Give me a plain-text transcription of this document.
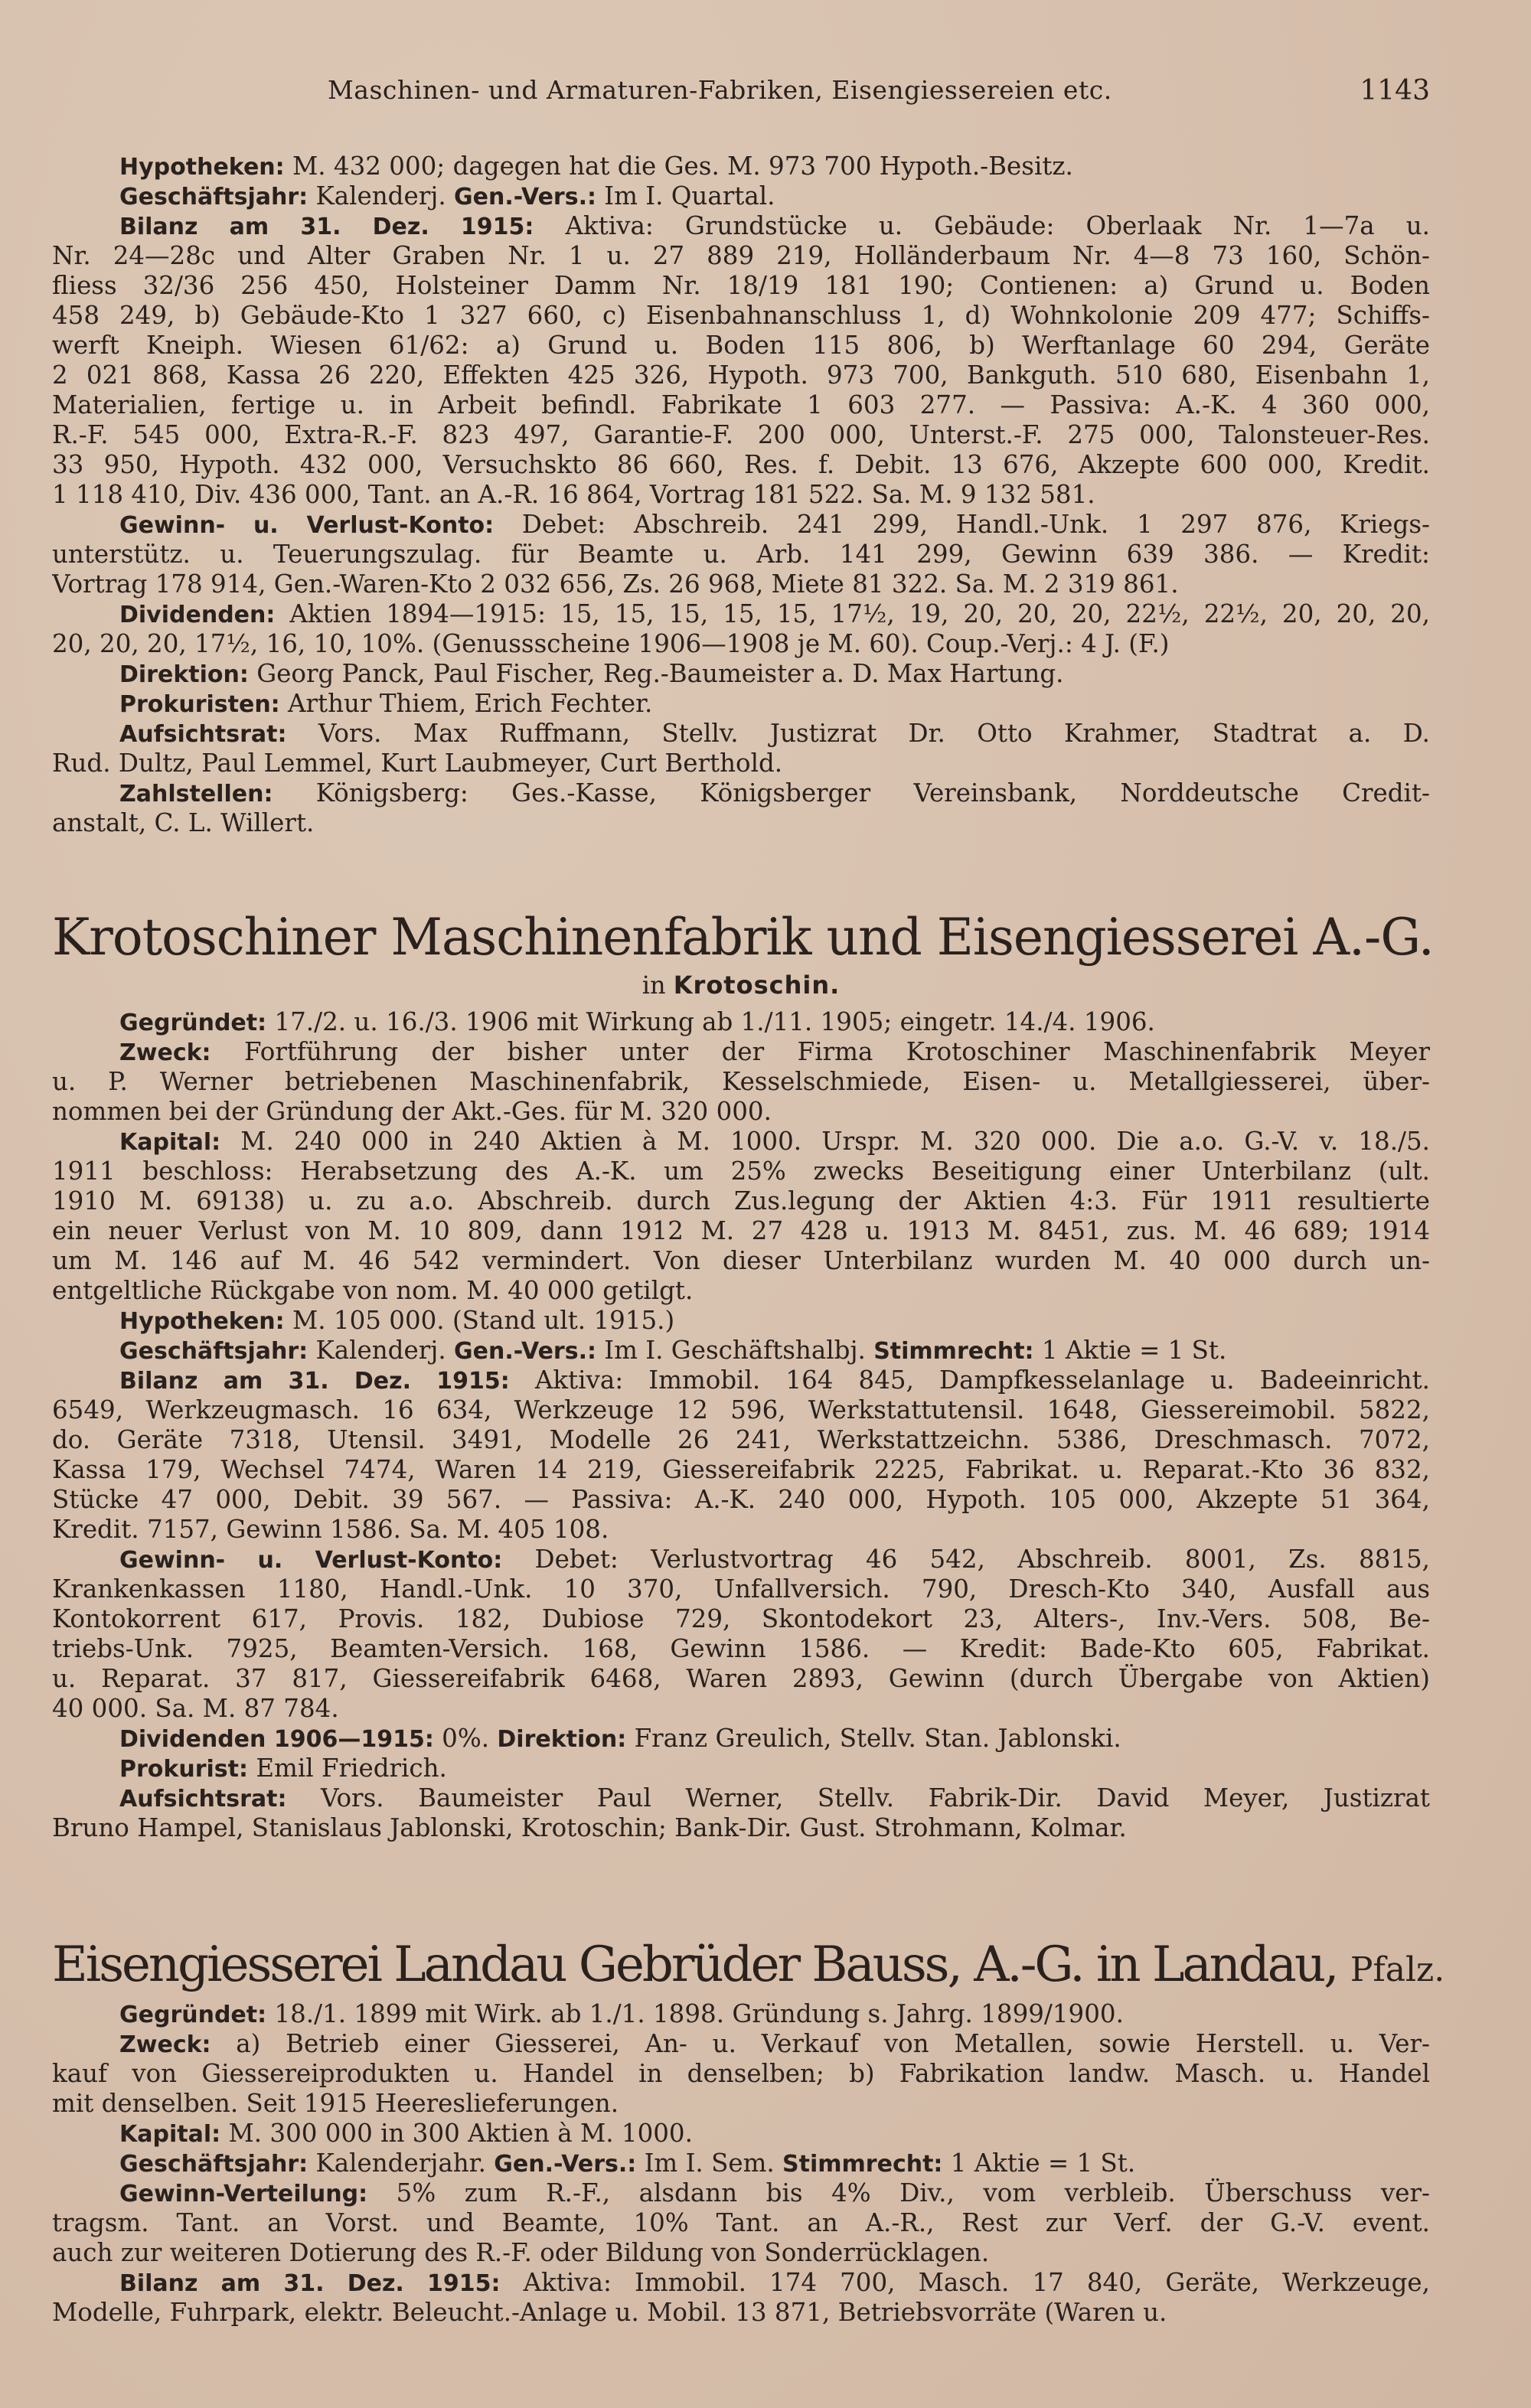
Maschinen- und Armaturen-Fabriken, Eisengiessereien etc.	1143
Hypotheken: M. 432 000; dagegen hat die Ges. M. 973 700 Hypoth.-Besitz.
Geschäftsjahr: Kalenderj. Gen.-Vers.: Im I. Quartal.
Bilanz am 31. Dez. 1915: Aktiva: Grundstücke u. Gebäude: Oberlaak Nr. 1—7a u.
Nr. 24—28c und Alter Graben Nr. 1 u. 27 889 219, Holländerbaum Nr. 4—8 73 160, Schön-
fliess 32/36 256 450, Holsteiner Damm Nr. 18/19 181 190; Contienen: a) Grund u. Boden
458 249, b) Gebäude-Kto 1 327 660, c) Eisenbahnanschluss 1, d) Wohnkolonie 209 477; Schiffs-
werft Kneiph. Wiesen 61/62: a) Grund u. Boden 115 806, b) Werftanlage 60 294, Geräte
2 021 868, Kassa 26 220, Effekten 425 326, Hypoth. 973 700, Bankguth. 510 680, Eisenbahn 1,
Materialien, fertige u. in Arbeit befindl. Fabrikate 1 603 277. — Passiva: A.-K. 4 360 000,
R.-F. 545 000, Extra-R.-F. 823 497, Garantie-F. 200 000, Unterst.-F. 275 000, Talonsteuer-Res.
33 950, Hypoth. 432 000, Versuchskto 86 660, Res. f. Debit. 13 676, Akzepte 600 000, Kredit.
1 118 410, Div. 436 000, Tant. an A.-R. 16 864, Vortrag 181 522. Sa. M. 9 132 581.
Gewinn- u. Verlust-Konto: Debet: Abschreib. 241 299, Handl.-Unk. 1 297 876, Kriegs-
unterstütz. u. Teuerungszulag. für Beamte u. Arb. 141 299, Gewinn 639 386. — Kredit:
Vortrag 178 914, Gen.-Waren-Kto 2 032 656, Zs. 26 968, Miete 81 322. Sa. M. 2 319 861.
Dividenden: Aktien 1894—1915: 15, 15, 15, 15, 15, 17½, 19, 20, 20, 20, 22½, 22½, 20, 20, 20,
20, 20, 20, 17½, 16, 10, 10%. (Genussscheine 1906—1908 je M. 60). Coup.-Verj.: 4 J. (F.)
Direktion: Georg Panck, Paul Fischer, Reg.-Baumeister a. D. Max Hartung.
Prokuristen: Arthur Thiem, Erich Fechter.
Aufsichtsrat: Vors. Max Ruffmann, Stellv. Justizrat Dr. Otto Krahmer, Stadtrat a. D.
Rud. Dultz, Paul Lemmel, Kurt Laubmeyer, Curt Berthold.
Zahlstellen: Königsberg: Ges.-Kasse, Königsberger Vereinsbank, Norddeutsche Credit-
anstalt, C. L. Willert.
Krotoschiner Maschinenfabrik und Eisengiesserei A.-G.
in Krotoschin.
Gegründet: 17./2. u. 16./3. 1906 mit Wirkung ab 1./11. 1905; eingetr. 14./4. 1906.
Zweck: Fortführung der bisher unter der Firma Krotoschiner Maschinenfabrik Meyer
u. P. Werner betriebenen Maschinenfabrik, Kesselschmiede, Eisen- u. Metallgiesserei, über-
nommen bei der Gründung der Akt.-Ges. für M. 320 000.
Kapital: M. 240 000 in 240 Aktien à M. 1000. Urspr. M. 320 000. Die a.o. G.-V. v. 18./5.
1911 beschloss: Herabsetzung des A.-K. um 25% zwecks Beseitigung einer Unterbilanz (ult.
1910 M. 69138) u. zu a.o. Abschreib. durch Zus.legung der Aktien 4:3. Für 1911 resultierte
ein neuer Verlust von M. 10 809, dann 1912 M. 27 428 u. 1913 M. 8451, zus. M. 46 689; 1914
um M. 146 auf M. 46 542 vermindert. Von dieser Unterbilanz wurden M. 40 000 durch un-
entgeltliche Rückgabe von nom. M. 40 000 getilgt.
Hypotheken: M. 105 000. (Stand ult. 1915.)
Geschäftsjahr: Kalenderj. Gen.-Vers.: Im I. Geschäftshalbj. Stimmrecht: 1 Aktie = 1 St.
Bilanz am 31. Dez. 1915: Aktiva: Immobil. 164 845, Dampfkesselanlage u. Badeeinricht.
6549, Werkzeugmasch. 16 634, Werkzeuge 12 596, Werkstattutensil. 1648, Giessereimobil. 5822,
do. Geräte 7318, Utensil. 3491, Modelle 26 241, Werkstattzeichn. 5386, Dreschmasch. 7072,
Kassa 179, Wechsel 7474, Waren 14 219, Giessereifabrik 2225, Fabrikat. u. Reparat.-Kto 36 832,
Stücke 47 000, Debit. 39 567. — Passiva: A.-K. 240 000, Hypoth. 105 000, Akzepte 51 364,
Kredit. 7157, Gewinn 1586. Sa. M. 405 108.
Gewinn- u. Verlust-Konto: Debet: Verlustvortrag 46 542, Abschreib. 8001, Zs. 8815,
Krankenkassen 1180, Handl.-Unk. 10 370, Unfallversich. 790, Dresch-Kto 340, Ausfall aus
Kontokorrent 617, Provis. 182, Dubiose 729, Skontodekort 23, Alters-, Inv.-Vers. 508, Be-
triebs-Unk. 7925, Beamten-Versich. 168, Gewinn 1586. — Kredit: Bade-Kto 605, Fabrikat.
u. Reparat. 37 817, Giessereifabrik 6468, Waren 2893, Gewinn (durch Übergabe von Aktien)
40 000. Sa. M. 87 784.
Dividenden 1906—1915: 0%. Direktion: Franz Greulich, Stellv. Stan. Jablonski.
Prokurist: Emil Friedrich.
Aufsichtsrat: Vors. Baumeister Paul Werner, Stellv. Fabrik-Dir. David Meyer, Justizrat
Bruno Hampel, Stanislaus Jablonski, Krotoschin; Bank-Dir. Gust. Strohmann, Kolmar.
Eisengiesserei Landau Gebrüder Bauss, A.-G. in Landau, Pfalz.
Gegründet: 18./1. 1899 mit Wirk. ab 1./1. 1898. Gründung s. Jahrg. 1899/1900.
Zweck: a) Betrieb einer Giesserei, An- u. Verkauf von Metallen, sowie Herstell. u. Ver-
kauf von Giessereiprodukten u. Handel in denselben; b) Fabrikation landw. Masch. u. Handel
mit denselben. Seit 1915 Heereslieferungen.
Kapital: M. 300 000 in 300 Aktien à M. 1000.
Geschäftsjahr: Kalenderjahr. Gen.-Vers.: Im I. Sem. Stimmrecht: 1 Aktie = 1 St.
Gewinn-Verteilung: 5% zum R.-F., alsdann bis 4% Div., vom verbleib. Überschuss ver-
tragsm. Tant. an Vorst. und Beamte, 10% Tant. an A.-R., Rest zur Verf. der G.-V. event.
auch zur weiteren Dotierung des R.-F. oder Bildung von Sonderrücklagen.
Bilanz am 31. Dez. 1915: Aktiva: Immobil. 174 700, Masch. 17 840, Geräte, Werkzeuge,
Modelle, Fuhrpark, elektr. Beleucht.-Anlage u. Mobil. 13 871, Betriebsvorräte (Waren u.
